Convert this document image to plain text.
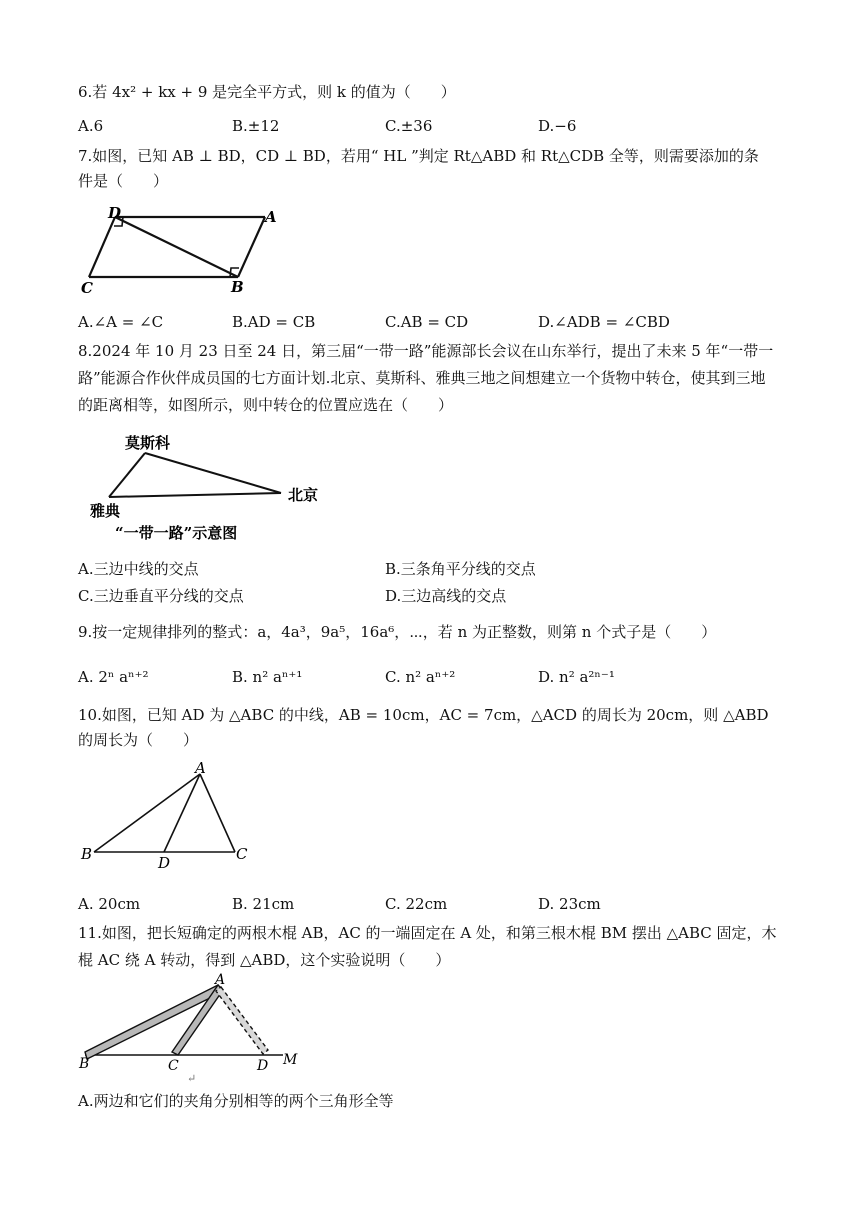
6.若 4x² + kx + 9 是完全平方式，则 k 的值为（　　）
A.6	B.±12	C.±36	D.−6
7.如图，已知 AB ⊥ BD，CD ⊥ BD，若用“ HL ”判定 Rt△ABD 和 Rt△CDB 全等，则需要添加的条
件是（　　）
D	A
C	B
A.∠A = ∠C	B.AD = CB	C.AB = CD	D.∠ADB = ∠CBD
8.2024 年 10 月 23 日至 24 日，第三届“一带一路”能源部长会议在山东举行，提出了未来 5 年“一带一
路”能源合作伙伴成员国的七方面计划.北京、莫斯科、雅典三地之间想建立一个货物中转仓，使其到三地
的距离相等，如图所示，则中转仓的位置应选在（　　）
莫斯科
雅典
北京
“一带一路”示意图
A.三边中线的交点	B.三条角平分线的交点
C.三边垂直平分线的交点	D.三边高线的交点
9.按一定规律排列的整式：a，4a³，9a⁵，16a⁶，⋯，若 n 为正整数，则第 n 个式子是（　　）
A. 2ⁿ aⁿ⁺²	B. n² aⁿ⁺¹	C. n² aⁿ⁺²	D. n² a²ⁿ⁻¹
10.如图，已知 AD 为 △ABC 的中线，AB = 10cm，AC = 7cm，△ACD 的周长为 20cm，则 △ABD
的周长为（　　）
A
B	D	C
A. 20cm	B. 21cm	C. 22cm	D. 23cm
11.如图，把长短确定的两根木棍 AB，AC 的一端固定在 A 处，和第三根木棍 BM 摆出 △ABC 固定，木
棍 AC 绕 A 转动，得到 △ABD，这个实验说明（　　）
A
B	C	D M
↵
A.两边和它们的夹角分别相等的两个三角形全等
